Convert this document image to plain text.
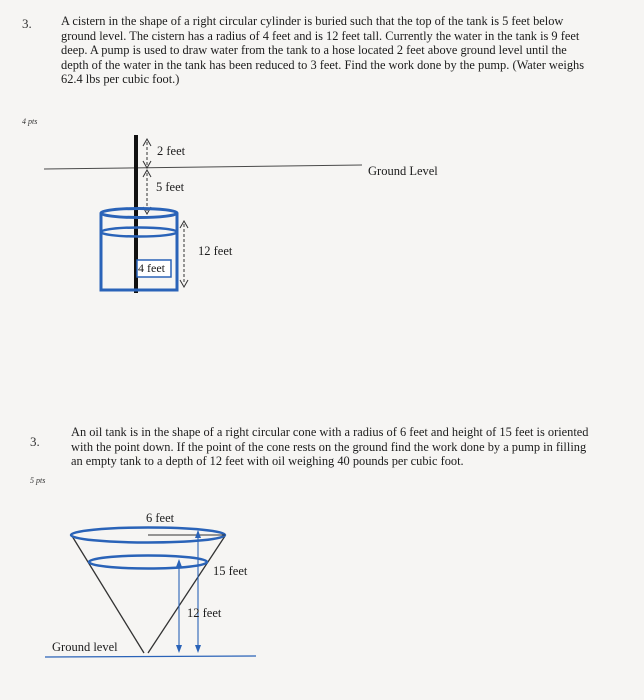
3. A cistern in the shape of a right circular cylinder is buried such that the top of the tank is 5 feet below ground level. The cistern has a radius of 4 feet and is 12 feet tall. Currently the water in the tank is 9 feet deep. A pump is used to draw water from the tank to a hose located 2 feet above ground level until the depth of the water in the tank has been reduced to 3 feet. Find the work done by the pump. (Water weighs 62.4 lbs per cubic foot.)
4 pts
2 feet
5 feet
Ground Level
12 feet
4 feet
3.
An oil tank is in the shape of a right circular cone with a radius of 6 feet and height of 15 feet is oriented with the point down. If the point of the cone rests on the ground find the work done by a pump in filling an empty tank to a depth of 12 feet with oil weighing 40 pounds per cubic foot.
5 pts
6 feet
15 feet
12 feet
Ground level
